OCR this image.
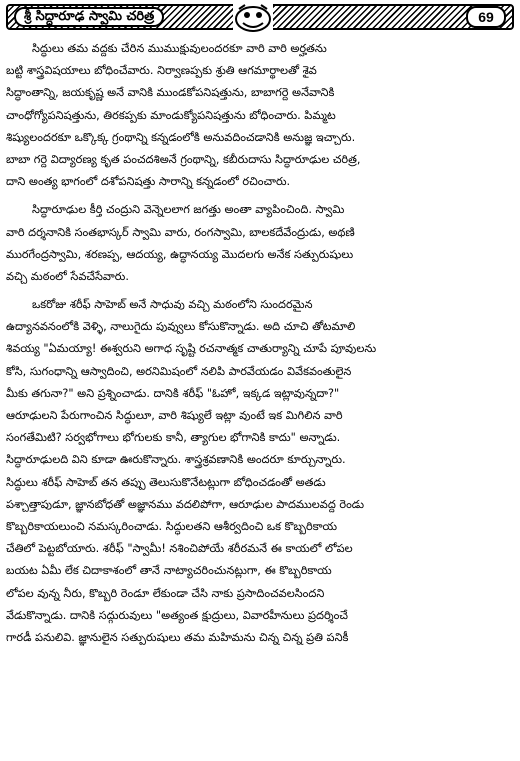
శ్రీ సిద్ధారూఢ స్వామి చరిత్ర	69
సిద్ధులు తమ వద్దకు చేరిన ముముక్షువులందరకూ వారి వారి అర్హతను
బట్టి శాస్త్రవిషయాలు బోధించేవారు. నిర్వాణప్పకు శ్రుతి ఆగమార్థాలతో శైవ
సిద్ధాంతాన్ని, జయకృష్ణ అనే వానికి ముండకోపనిషత్తును, బాబాగర్దె అనేవానికి
చాంధోగ్యోపనిషత్తును, తిరకప్పకు మాండుక్యోపనిషత్తును బోధించారు. పిమ్మట
శిష్యులందరకూ ఒక్కొక్క గ్రంథాన్ని కన్నడంలోకి అనువదించడానికి అనుజ్ఞ ఇచ్చారు.
బాబా గర్దె విద్యారణ్య కృత పంచదశిఅనే గ్రంథాన్ని, కబీరుదాసు సిద్ధారూఢుల చరిత్ర,
దాని అంత్య భాగంలో దశోపనిషత్తు సారాన్ని కన్నడంలో రచించారు.
సిద్ధారూఢుల కీర్తి చంద్రుని వెన్నెలలాగ జగత్తు అంతా వ్యాపించింది. స్వామి
వారి దర్శనానికి సంతభాస్కర్ స్వామి వారు, రంగస్వామి, బాలకదేవేంద్రుడు, అథణి
మురగేంద్రస్వామి, శరణప్ప, ఆదయ్య, ఉద్ధానయ్య మొదలగు అనేక సత్పురుషులు
వచ్చి మఠంలో సేవచేసేవారు.
ఒకరోజు శరీఫ్ సాహెబ్ అనే సాధువు వచ్చి మఠంలోని సుందరమైన
ఉద్యానవనంలోకి వెళ్ళి, నాలుగైదు పువ్వులు కోసుకొన్నాడు. అది చూచి తోటమాలి
శివయ్య "ఏమయ్యా! ఈశ్వరుని అగాధ సృష్టి రచనాత్మక చాతుర్యాన్ని చూపే పూవులను
కోసి, సుగంధాన్ని ఆస్వాదించి, అరనిమిషంలో నలిపి పారవేయడం వివేకవంతులైన
మీకు తగునా?" అని ప్రశ్నించాడు. దానికి శరీఫ్ "ఓహో, ఇక్కడ ఇట్లావున్నదా?"
ఆరూఢులని పేరుగాంచిన సిద్ధులూ, వారి శిష్యులే ఇట్లా వుంటే ఇక మిగిలిన వారి
సంగతేమిటి? సర్వభోగాలు భోగులకు కానీ, త్యాగుల భోగానికి కాదు" అన్నాడు.
సిద్ధారూఢులది విని కూడా ఊరుకొన్నారు. శాస్త్రశ్రవణానికి అందరూ కూర్చున్నారు.
సిద్ధులు శరీఫ్ సాహెబ్ తన తప్పు తెలుసుకొనేటట్లుగా బోధించడంతో అతడు
పశ్చాత్తాపుడూ, జ్ఞానబోధతో అజ్ఞానము వదలిపోగా, ఆరూఢుల పాదములవద్ద రెండు
కొబ్బరికాయలుంచి నమస్కరించాడు. సిద్ధులతని ఆశీర్వదించి ఒక కొబ్బరికాయ
చేతిలో పెట్టబోయారు. శరీఫ్ "స్వామీ! నశించిపోయే శరీరమనే ఈ కాయలో లోపల
బయట ఏమీ లేక చిదాకాశంలో తానే నాట్యాచరించునట్లుగా, ఈ కొబ్బరికాయ
లోపల వున్న నీరు, కొబ్బరి రెండూ లేకుండా చేసి నాకు ప్రసాదించవలసిందని
వేడుకొన్నాడు. దానికి సద్గురువులు "అత్యంత క్షుద్రులు, వివారహీనులు ప్రదర్శించే
గారడీ పనులివి. జ్ఞానులైన సత్పురుషులు తమ మహిమను చిన్న చిన్న ప్రతి పనికీ
